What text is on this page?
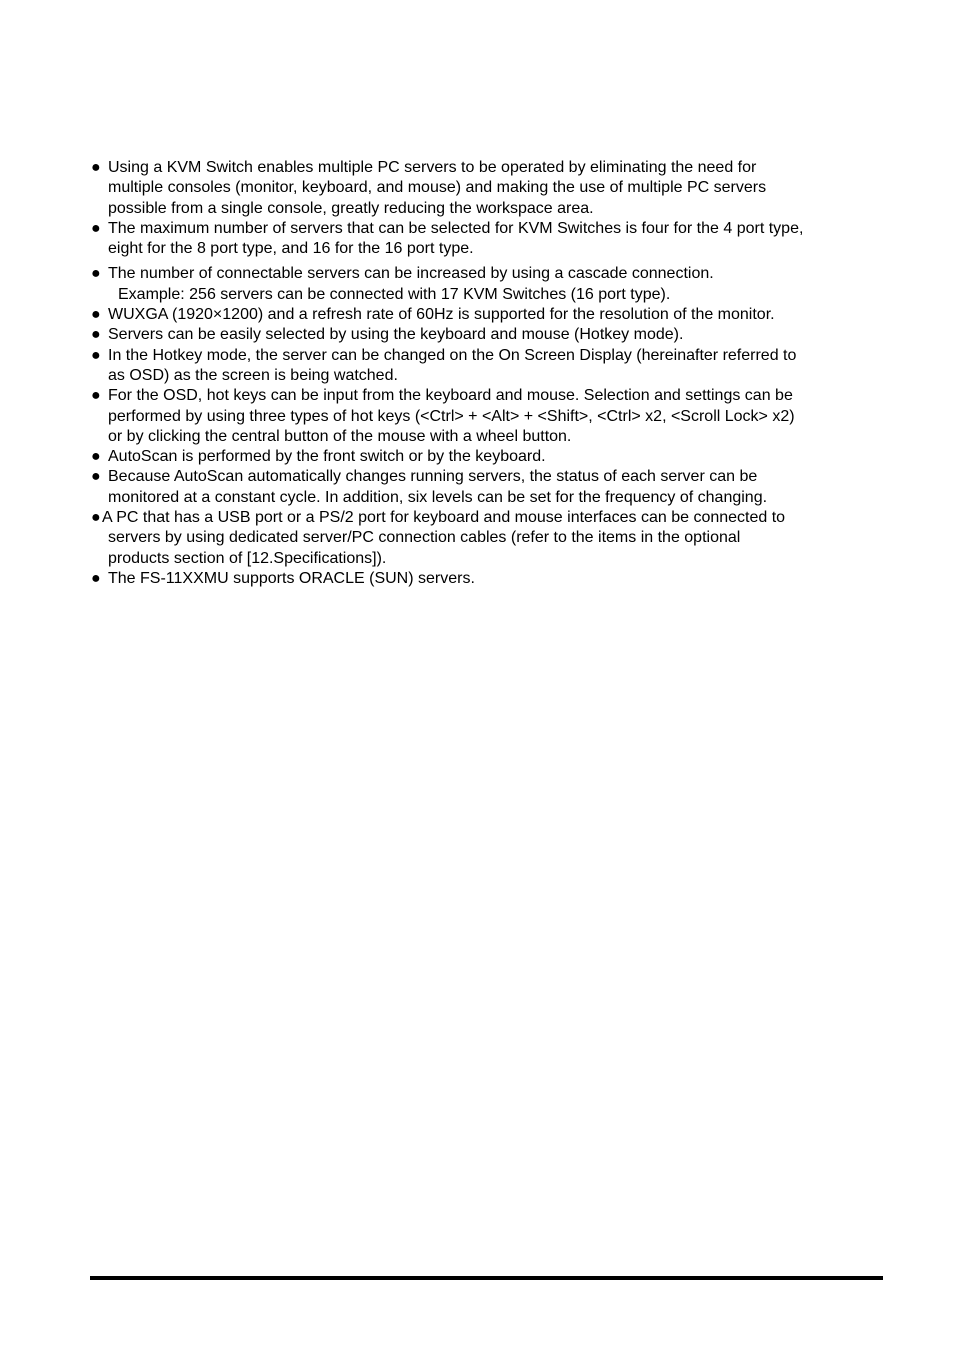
● Using a KVM Switch enables multiple PC servers to be operated by eliminating the need for
multiple consoles (monitor, keyboard, and mouse) and making the use of multiple PC servers
possible from a single console, greatly reducing the workspace area.
● The maximum number of servers that can be selected for KVM Switches is four for the 4 port type,
eight for the 8 port type, and 16 for the 16 port type.
● The number of connectable servers can be increased by using a cascade connection.
Example: 256 servers can be connected with 17 KVM Switches (16 port type).
● WUXGA (1920×1200) and a refresh rate of 60Hz is supported for the resolution of the monitor.
● Servers can be easily selected by using the keyboard and mouse (Hotkey mode).
● In the Hotkey mode, the server can be changed on the On Screen Display (hereinafter referred to
as OSD) as the screen is being watched.
● For the OSD, hot keys can be input from the keyboard and mouse. Selection and settings can be
performed by using three types of hot keys (<Ctrl> + <Alt> + <Shift>, <Ctrl> x2, <Scroll Lock> x2)
or by clicking the central button of the mouse with a wheel button.
● AutoScan is performed by the front switch or by the keyboard.
● Because AutoScan automatically changes running servers, the status of each server can be
monitored at a constant cycle. In addition, six levels can be set for the frequency of changing.
● A PC that has a USB port or a PS/2 port for keyboard and mouse interfaces can be connected to
servers by using dedicated server/PC connection cables (refer to the items in the optional
products section of [12.Specifications]).
● The FS-11XXMU supports ORACLE (SUN) servers.
